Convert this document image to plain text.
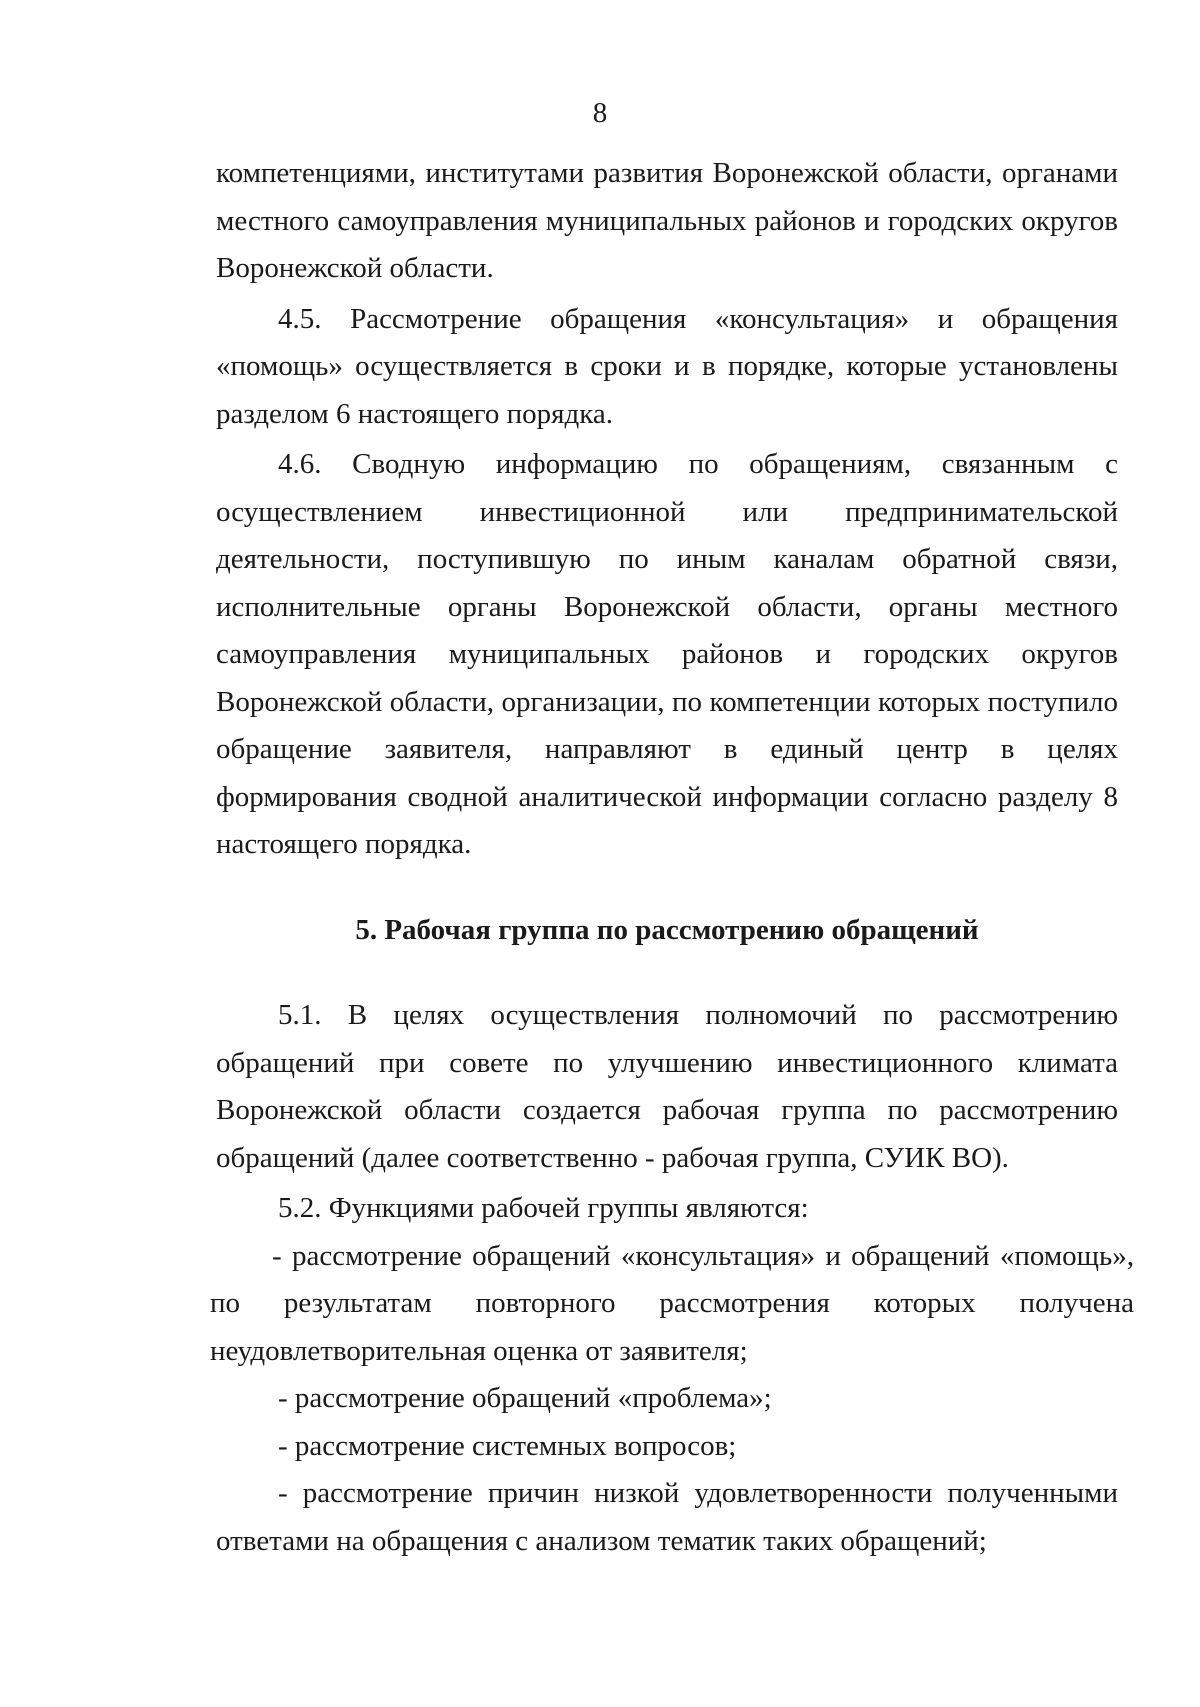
8

компетенциями, институтами развития Воронежской области, органами местного самоуправления муниципальных районов и городских округов Воронежской области.

4.5. Рассмотрение обращения «консультация» и обращения «помощь» осуществляется в сроки и в порядке, которые установлены разделом 6 настоящего порядка.

4.6. Сводную информацию по обращениям, связанным с осуществлением инвестиционной или предпринимательской деятельности, поступившую по иным каналам обратной связи, исполнительные органы Воронежской области, органы местного самоуправления муниципальных районов и городских округов Воронежской области, организации, по компетенции которых поступило обращение заявителя, направляют в единый центр в целях формирования сводной аналитической информации согласно разделу 8 настоящего порядка.

5. Рабочая группа по рассмотрению обращений

5.1. В целях осуществления полномочий по рассмотрению обращений при совете по улучшению инвестиционного климата Воронежской области создается рабочая группа по рассмотрению обращений (далее соответственно - рабочая группа, СУИК ВО).

5.2. Функциями рабочей группы являются:

- рассмотрение обращений «консультация» и обращений «помощь», по результатам повторного рассмотрения которых получена неудовлетворительная оценка от заявителя;

- рассмотрение обращений «проблема»;

- рассмотрение системных вопросов;

- рассмотрение причин низкой удовлетворенности полученными ответами на обращения с анализом тематик таких обращений;
